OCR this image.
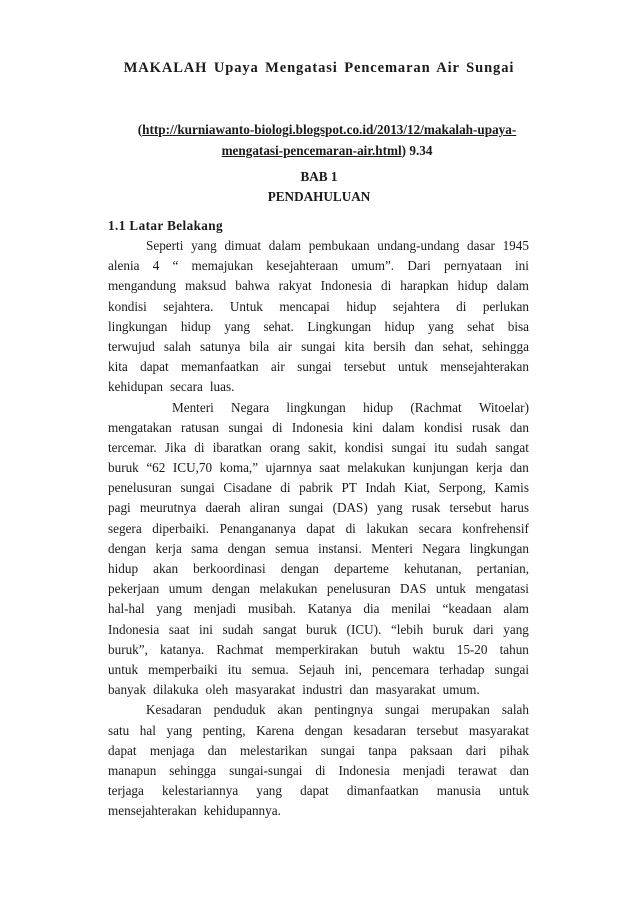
MAKALAH Upaya Mengatasi Pencemaran Air Sungai
(http://kurniawanto-biologi.blogspot.co.id/2013/12/makalah-upaya-
mengatasi-pencemaran-air.html) 9.34
BAB 1
PENDAHULUAN
1.1 Latar Belakang
Seperti yang dimuat dalam pembukaan undang-undang dasar 1945
alenia 4 “ memajukan kesejahteraan umum”. Dari pernyataan ini
mengandung maksud bahwa rakyat Indonesia di harapkan hidup dalam
kondisi sejahtera. Untuk mencapai hidup sejahtera di perlukan
lingkungan hidup yang sehat. Lingkungan hidup yang sehat bisa
terwujud salah satunya bila air sungai kita bersih dan sehat, sehingga
kita dapat memanfaatkan air sungai tersebut untuk mensejahterakan
kehidupan secara luas.
Menteri Negara lingkungan hidup (Rachmat Witoelar)
mengatakan ratusan sungai di Indonesia kini dalam kondisi rusak dan
tercemar. Jika di ibaratkan orang sakit, kondisi sungai itu sudah sangat
buruk “62 ICU,70 koma,” ujarnnya saat melakukan kunjungan kerja dan
penelusuran sungai Cisadane di pabrik PT Indah Kiat, Serpong, Kamis
pagi meurutnya daerah aliran sungai (DAS) yang rusak tersebut harus
segera diperbaiki. Penangananya dapat di lakukan secara konfrehensif
dengan kerja sama dengan semua instansi. Menteri Negara lingkungan
hidup akan berkoordinasi dengan departeme kehutanan, pertanian,
pekerjaan umum dengan melakukan penelusuran DAS untuk mengatasi
hal-hal yang menjadi musibah. Katanya dia menilai “keadaan alam
Indonesia saat ini sudah sangat buruk (ICU). “lebih buruk dari yang
buruk”, katanya. Rachmat memperkirakan butuh waktu 15-20 tahun
untuk memperbaiki itu semua. Sejauh ini, pencemara terhadap sungai
banyak dilakuka oleh masyarakat industri dan masyarakat umum.
Kesadaran penduduk akan pentingnya sungai merupakan salah
satu hal yang penting, Karena dengan kesadaran tersebut masyarakat
dapat menjaga dan melestarikan sungai tanpa paksaan dari pihak
manapun sehingga sungai-sungai di Indonesia menjadi terawat dan
terjaga kelestariannya yang dapat dimanfaatkan manusia untuk
mensejahterakan kehidupannya.
